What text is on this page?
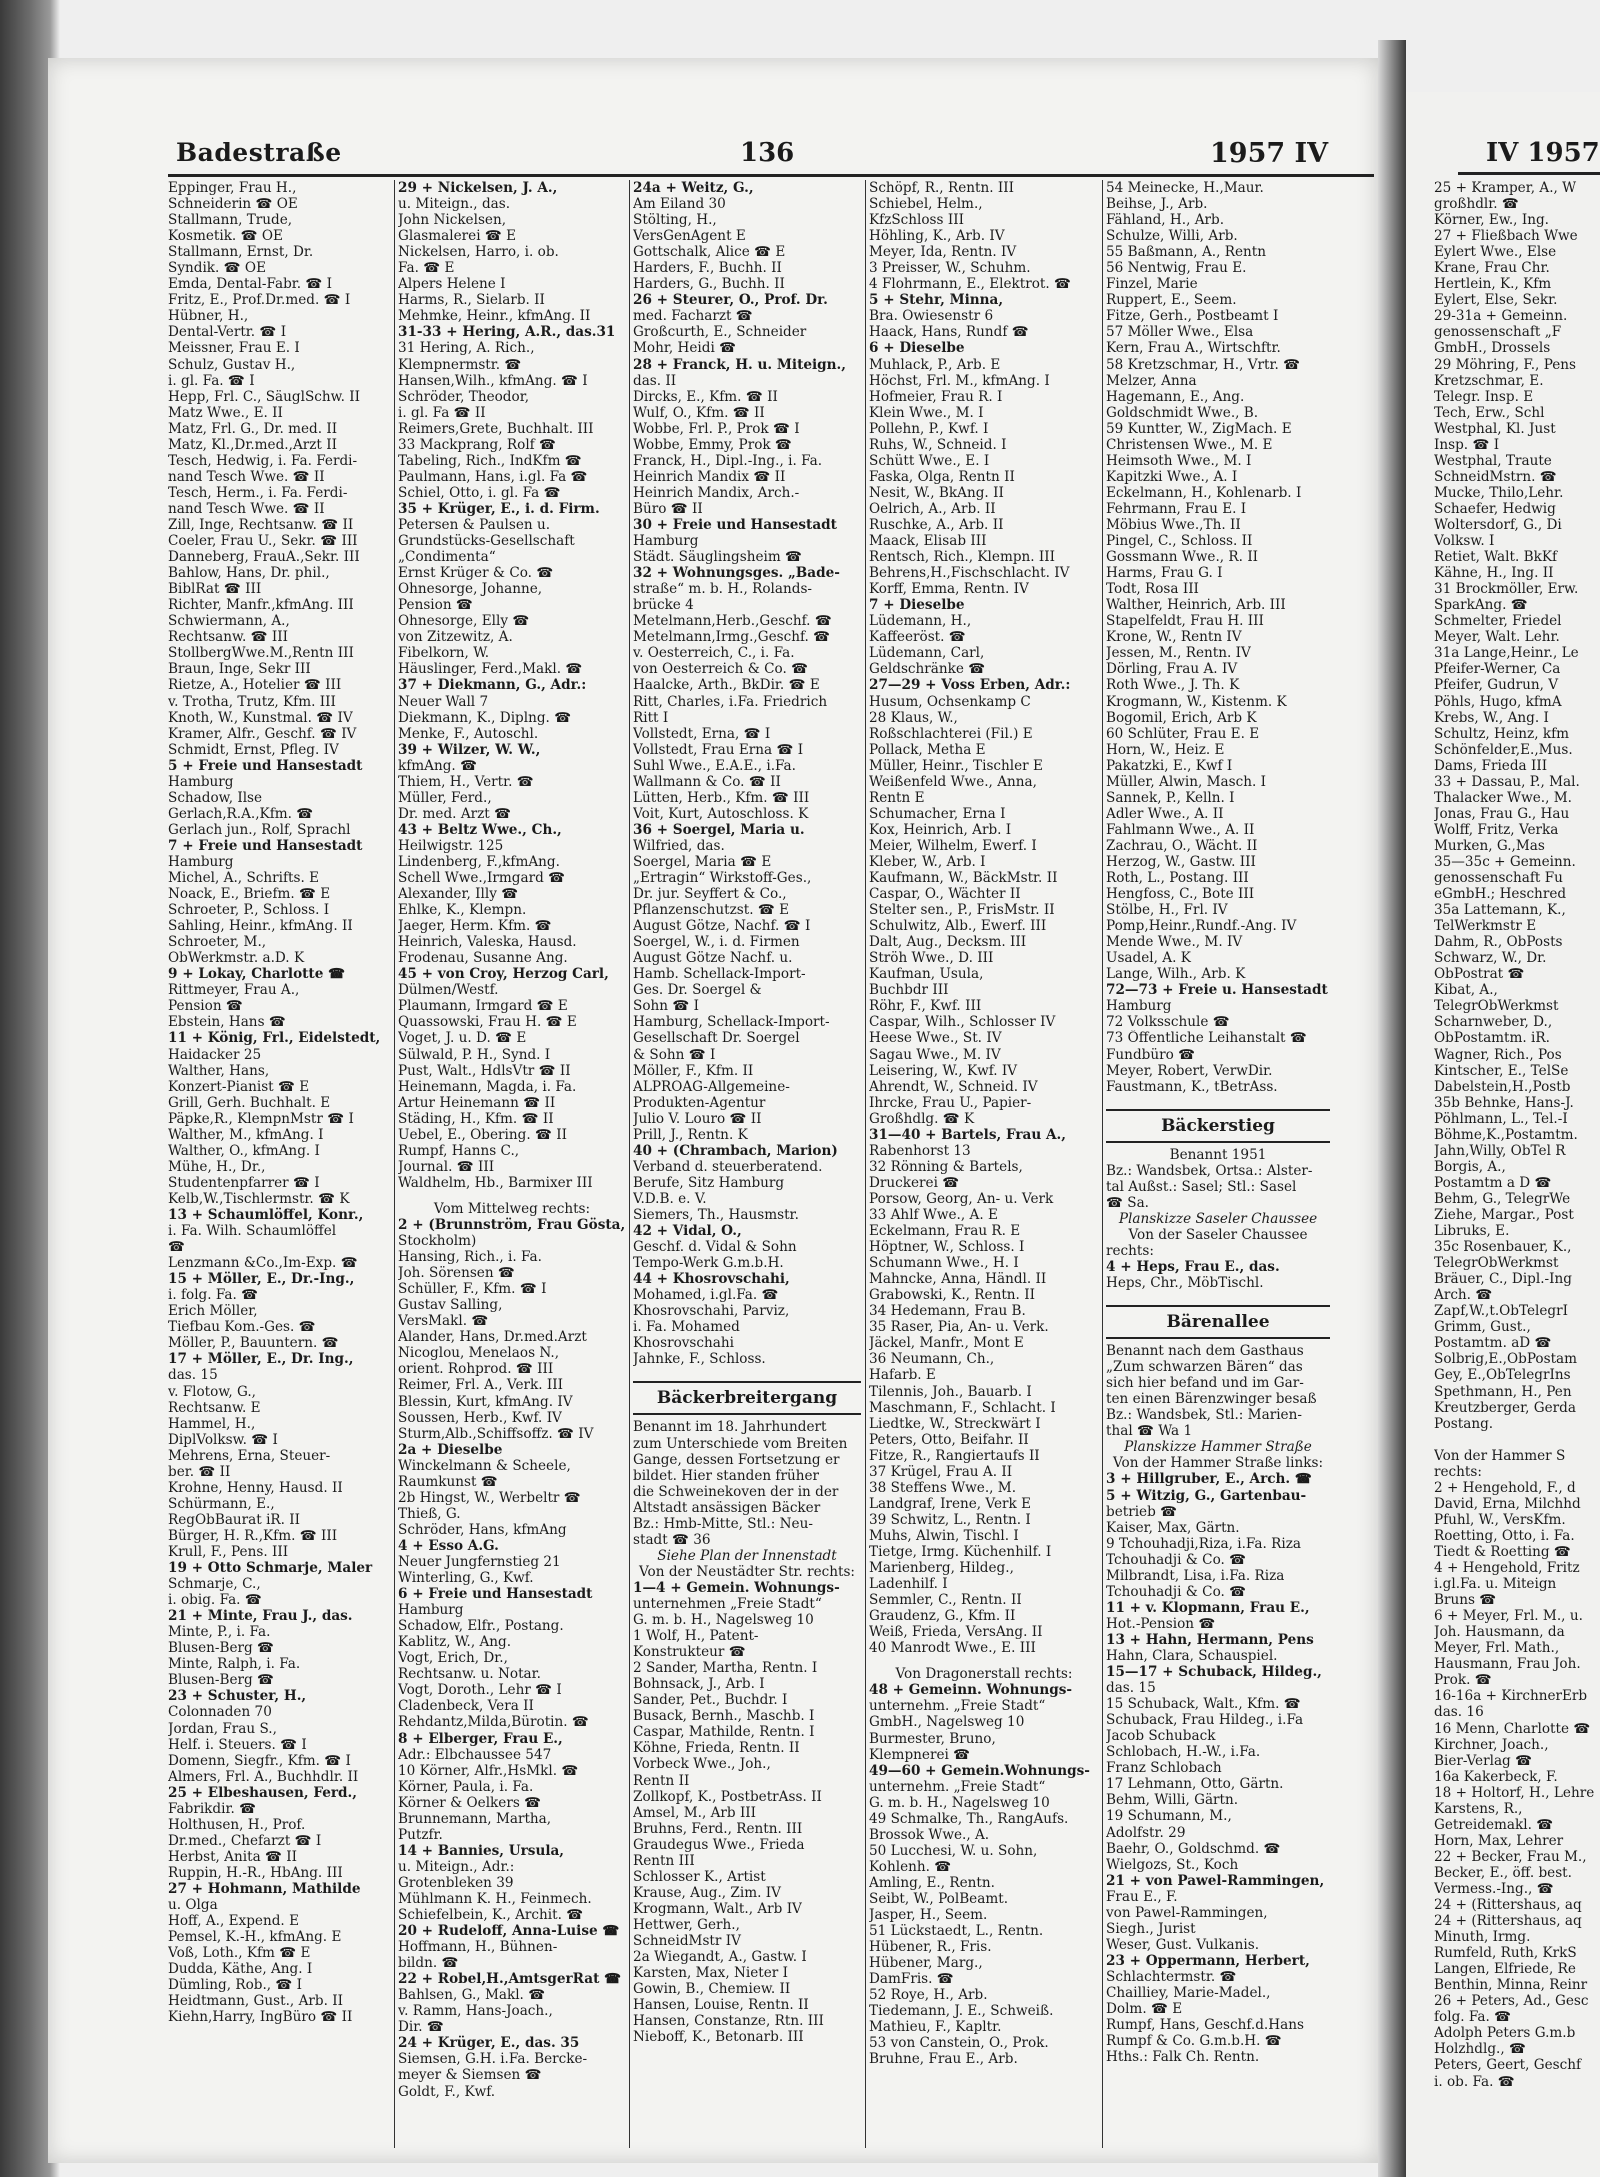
IV 1957
25 + Kramper, A., W
großhdlr. ☎
Körner, Ew., Ing.
27 + Fließbach Wwe
Eylert Wwe., Else
Krane, Frau Chr.
Hertlein, K., Kfm
Eylert, Else, Sekr.
29-31a + Gemeinn.
genossenschaft „F
GmbH., Drossels
29 Möhring, F., Pens
Kretzschmar, E.
Telegr. Insp. E
Tech, Erw., Schl
Westphal, Kl. Just
Insp. ☎ I
Westphal, Traute
SchneidMstrn. ☎
Mucke, Thilo,Lehr.
Schaefer, Hedwig
Woltersdorf, G., Di
Volksw. I
Retiet, Walt. BkKf
Kähne, H., Ing. II
31 Brockmöller, Erw.
SparkAng. ☎
Schmelter, Friedel
Meyer, Walt. Lehr.
31a Lange,Heinr., Le
Pfeifer-Werner, Ca
Pfeifer, Gudrun, V
Pöhls, Hugo, kfmA
Krebs, W., Ang. I
Schultz, Heinz, kfm
Schönfelder,E.,Mus.
Dams, Frieda III
33 + Dassau, P., Mal.
Thalacker Wwe., M.
Jonas, Frau G., Hau
Wolff, Fritz, Verka
Murken, G.,Mas
35—35c + Gemeinn.
genossenschaft Fu
eGmbH.; Heschred
35a Lattemann, K.,
TelWerkmstr E
Dahm, R., ObPosts
Schwarz, W., Dr.
ObPostrat ☎
Kibat, A.,
TelegrObWerkmst
Scharnweber, D.,
ObPostamtm. iR.
Wagner, Rich., Pos
Kintscher, E., TelSe
Dabelstein,H.,Postb
35b Behnke, Hans-J.
Pöhlmann, L., Tel.-I
Böhme,K.,Postamtm.
Jahn,Willy, ObTel R
Borgis, A.,
Postamtm a D ☎
Behm, G., TelegrWe
Ziehe, Margar., Post
Libruks, E.
35c Rosenbauer, K.,
TelegrObWerkmst
Bräuer, C., Dipl.-Ing
Arch. ☎
Zapf,W.,t.ObTelegrI
Grimm, Gust.,
Postamtm. aD ☎
Solbrig,E.,ObPostam
Gey, E.,ObTelegrIns
Spethmann, H., Pen
Kreutzberger, Gerda
Postang.
Von der Hammer S
rechts:
2 + Hengehold, F., d
David, Erna, Milchhd
Pfuhl, W., VersKfm.
Roetting, Otto, i. Fa.
Tiedt & Roetting ☎
4 + Hengehold, Fritz
i.gl.Fa. u. Miteign
Bruns ☎
6 + Meyer, Frl. M., u.
Joh. Hausmann, da
Meyer, Frl. Math.,
Hausmann, Frau Joh.
Prok. ☎
16-16a + KirchnerErb
das. 16
16 Menn, Charlotte ☎
Kirchner, Joach.,
Bier-Verlag ☎
16a Kakerbeck, F.
18 + Holtorf, H., Lehre
Karstens, R.,
Getreidemakl. ☎
Horn, Max, Lehrer
22 + Becker, Frau M.,
Becker, E., öff. best.
Vermess.-Ing., ☎
24 + (Rittershaus, aq
24 + (Rittershaus, aq
Minuth, Irmg.
Rumfeld, Ruth, KrkS
Langen, Elfriede, Re
Benthin, Minna, Reinr
26 + Peters, Ad., Gesc
folg. Fa. ☎
Adolph Peters G.m.b
Holzhdlg., ☎
Peters, Geert, Geschf
i. ob. Fa. ☎
Badestraße	136	1957 IV
Eppinger, Frau H.,
Schneiderin ☎ OE
Stallmann, Trude,
Kosmetik. ☎ OE
Stallmann, Ernst, Dr.
Syndik. ☎ OE
Emda, Dental-Fabr. ☎ I
Fritz, E., Prof.Dr.med. ☎ I
Hübner, H.,
Dental-Vertr. ☎ I
Meissner, Frau E. I
Schulz, Gustav H.,
i. gl. Fa. ☎ I
Hepp, Frl. C., SäuglSchw. II
Matz Wwe., E. II
Matz, Frl. G., Dr. med. II
Matz, Kl.,Dr.med.,Arzt II
Tesch, Hedwig, i. Fa. Ferdi-
nand Tesch Wwe. ☎ II
Tesch, Herm., i. Fa. Ferdi-
nand Tesch Wwe. ☎ II
Zill, Inge, Rechtsanw. ☎ II
Coeler, Frau U., Sekr. ☎ III
Danneberg, FrauA.,Sekr. III
Bahlow, Hans, Dr. phil.,
BiblRat ☎ III
Richter, Manfr.,kfmAng. III
Schwiermann, A.,
Rechtsanw. ☎ III
StollbergWwe.M.,Rentn III
Braun, Inge, Sekr III
Rietze, A., Hotelier ☎ III
v. Trotha, Trutz, Kfm. III
Knoth, W., Kunstmal. ☎ IV
Kramer, Alfr., Geschf. ☎ IV
Schmidt, Ernst, Pfleg. IV
5 + Freie und Hansestadt
Hamburg
Schadow, Ilse
Gerlach,R.A.,Kfm. ☎
Gerlach jun., Rolf, Sprachl
7 + Freie und Hansestadt
Hamburg
Michel, A., Schrifts. E
Noack, E., Briefm. ☎ E
Schroeter, P., Schloss. I
Sahling, Heinr., kfmAng. II
Schroeter, M.,
ObWerkmstr. a.D. K
9 + Lokay, Charlotte ☎
Rittmeyer, Frau A.,
Pension ☎
Ebstein, Hans ☎
11 + König, Frl., Eidelstedt,
Haidacker 25
Walther, Hans,
Konzert-Pianist ☎ E
Grill, Gerh. Buchhalt. E
Päpke,R., KlempnMstr ☎ I
Walther, M., kfmAng. I
Walther, O., kfmAng. I
Mühe, H., Dr.,
Studentenpfarrer ☎ I
Kelb,W.,Tischlermstr. ☎ K
13 + Schaumlöffel, Konr.,
i. Fa. Wilh. Schaumlöffel
☎
Lenzmann &Co.,Im-Exp. ☎
15 + Möller, E., Dr.-Ing.,
i. folg. Fa. ☎
Erich Möller,
Tiefbau Kom.-Ges. ☎
Möller, P., Bauuntern. ☎
17 + Möller, E., Dr. Ing.,
das. 15
v. Flotow, G.,
Rechtsanw. E
Hammel, H.,
DiplVolksw. ☎ I
Mehrens, Erna, Steuer-
ber. ☎ II
Krohne, Henny, Hausd. II
Schürmann, E.,
RegObBaurat iR. II
Bürger, H. R.,Kfm. ☎ III
Krull, F., Pens. III
19 + Otto Schmarje, Maler
Schmarje, C.,
i. obig. Fa. ☎
21 + Minte, Frau J., das.
Minte, P., i. Fa.
Blusen-Berg ☎
Minte, Ralph, i. Fa.
Blusen-Berg ☎
23 + Schuster, H.,
Colonnaden 70
Jordan, Frau S.,
Helf. i. Steuers. ☎ I
Domenn, Siegfr., Kfm. ☎ I
Almers, Frl. A., Buchhdlr. II
25 + Elbeshausen, Ferd.,
Fabrikdir. ☎
Holthusen, H., Prof.
Dr.med., Chefarzt ☎ I
Herbst, Anita ☎ II
Ruppin, H.-R., HbAng. III
27 + Hohmann, Mathilde
u. Olga
Hoff, A., Expend. E
Pemsel, K.-H., kfmAng. E
Voß, Loth., Kfm ☎ E
Dudda, Käthe, Ang. I
Dümling, Rob., ☎ I
Heidtmann, Gust., Arb. II
Kiehn,Harry, IngBüro ☎ II
29 + Nickelsen, J. A.,
u. Miteign., das.
John Nickelsen,
Glasmalerei ☎ E
Nickelsen, Harro, i. ob.
Fa. ☎ E
Alpers Helene I
Harms, R., Sielarb. II
Mehmke, Heinr., kfmAng. II
31-33 + Hering, A.R., das.31
31 Hering, A. Rich.,
Klempnermstr. ☎
Hansen,Wilh., kfmAng. ☎ I
Schröder, Theodor,
i. gl. Fa ☎ II
Reimers,Grete, Buchhalt. III
33 Mackprang, Rolf ☎
Tabeling, Rich., IndKfm ☎
Paulmann, Hans, i.gl. Fa ☎
Schiel, Otto, i. gl. Fa ☎
35 + Krüger, E., i. d. Firm.
Petersen & Paulsen u.
Grundstücks-Gesellschaft
„Condimenta“
Ernst Krüger & Co. ☎
Ohnesorge, Johanne,
Pension ☎
Ohnesorge, Elly ☎
von Zitzewitz, A.
Fibelkorn, W.
Häuslinger, Ferd.,Makl. ☎
37 + Diekmann, G., Adr.:
Neuer Wall 7
Diekmann, K., Diplng. ☎
Menke, F., Autoschl.
39 + Wilzer, W. W.,
kfmAng. ☎
Thiem, H., Vertr. ☎
Müller, Ferd.,
Dr. med. Arzt ☎
43 + Beltz Wwe., Ch.,
Heilwigstr. 125
Lindenberg, F.,kfmAng.
Schell Wwe.,Irmgard ☎
Alexander, Illy ☎
Ehlke, K., Klempn.
Jaeger, Herm. Kfm. ☎
Heinrich, Valeska, Hausd.
Frodenau, Susanne Ang.
45 + von Croy, Herzog Carl,
Dülmen/Westf.
Plaumann, Irmgard ☎ E
Quassowski, Frau H. ☎ E
Voget, J. u. D. ☎ E
Sülwald, P. H., Synd. I
Pust, Walt., HdlsVtr ☎ II
Heinemann, Magda, i. Fa.
Artur Heinemann ☎ II
Städing, H., Kfm. ☎ II
Uebel, E., Obering. ☎ II
Rumpf, Hanns C.,
Journal. ☎ III
Waldhelm, Hb., Barmixer III
Vom Mittelweg rechts:
2 + (Brunnström, Frau Gösta,
Stockholm)
Hansing, Rich., i. Fa.
Joh. Sörensen ☎
Schüller, F., Kfm. ☎ I
Gustav Salling,
VersMakl. ☎
Alander, Hans, Dr.med.Arzt
Nicoglou, Menelaos N.,
orient. Rohprod. ☎ III
Reimer, Frl. A., Verk. III
Blessin, Kurt, kfmAng. IV
Soussen, Herb., Kwf. IV
Sturm,Alb.,Schiffsoffz. ☎ IV
2a + Dieselbe
Winckelmann & Scheele,
Raumkunst ☎
2b Hingst, W., Werbeltr ☎
Thieß, G.
Schröder, Hans, kfmAng
4 + Esso A.G.
Neuer Jungfernstieg 21
Winterling, G., Kwf.
6 + Freie und Hansestadt
Hamburg
Schadow, Elfr., Postang.
Kablitz, W., Ang.
Vogt, Erich, Dr.,
Rechtsanw. u. Notar.
Vogt, Doroth., Lehr ☎ I
Cladenbeck, Vera II
Rehdantz,Milda,Bürotin. ☎
8 + Elberger, Frau E.,
Adr.: Elbchaussee 547
10 Körner, Alfr.,HsMkl. ☎
Körner, Paula, i. Fa.
Körner & Oelkers ☎
Brunnemann, Martha,
Putzfr.
14 + Bannies, Ursula,
u. Miteign., Adr.:
Grotenbleken 39
Mühlmann K. H., Feinmech.
Schiefelbein, K., Archit. ☎
20 + Rudeloff, Anna-Luise ☎
Hoffmann, H., Bühnen-
bildn. ☎
22 + Robel,H.,AmtsgerRat ☎
Bahlsen, G., Makl. ☎
v. Ramm, Hans-Joach.,
Dir. ☎
24 + Krüger, E., das. 35
Siemsen, G.H. i.Fa. Bercke-
meyer & Siemsen ☎
Goldt, F., Kwf.
24a + Weitz, G.,
Am Eiland 30
Stölting, H.,
VersGenAgent E
Gottschalk, Alice ☎ E
Harders, F., Buchh. II
Harders, G., Buchh. II
26 + Steurer, O., Prof. Dr.
med. Facharzt ☎
Großcurth, E., Schneider
Mohr, Heidi ☎
28 + Franck, H. u. Miteign.,
das. II
Dircks, E., Kfm. ☎ II
Wulf, O., Kfm. ☎ II
Wobbe, Frl. P., Prok ☎ I
Wobbe, Emmy, Prok ☎
Franck, H., Dipl.-Ing., i. Fa.
Heinrich Mandix ☎ II
Heinrich Mandix, Arch.-
Büro ☎ II
30 + Freie und Hansestadt
Hamburg
Städt. Säuglingsheim ☎
32 + Wohnungsges. „Bade-
straße“ m. b. H., Rolands-
brücke 4
Metelmann,Herb.,Geschf. ☎
Metelmann,Irmg.,Geschf. ☎
v. Oesterreich, C., i. Fa.
von Oesterreich & Co. ☎
Haalcke, Arth., BkDir. ☎ E
Ritt, Charles, i.Fa. Friedrich
Ritt I
Vollstedt, Erna, ☎ I
Vollstedt, Frau Erna ☎ I
Suhl Wwe., E.A.E., i.Fa.
Wallmann & Co. ☎ II
Lütten, Herb., Kfm. ☎ III
Voit, Kurt, Autoschloss. K
36 + Soergel, Maria u.
Wilfried, das.
Soergel, Maria ☎ E
„Ertragin“ Wirkstoff-Ges.,
Dr. jur. Seyffert & Co.,
Pflanzenschutzst. ☎ E
August Götze, Nachf. ☎ I
Soergel, W., i. d. Firmen
August Götze Nachf. u.
Hamb. Schellack-Import-
Ges. Dr. Soergel &
Sohn ☎ I
Hamburg, Schellack-Import-
Gesellschaft Dr. Soergel
& Sohn ☎ I
Möller, F., Kfm. II
ALPROAG-Allgemeine-
Produkten-Agentur
Julio V. Louro ☎ II
Prill, J., Rentn. K
40 + (Chrambach, Marion)
Verband d. steuerberatend.
Berufe, Sitz Hamburg
V.D.B. e. V.
Siemers, Th., Hausmstr.
42 + Vidal, O.,
Geschf. d. Vidal & Sohn
Tempo-Werk G.m.b.H.
44 + Khosrovschahi,
Mohamed, i.gl.Fa. ☎
Khosrovschahi, Parviz,
i. Fa. Mohamed
Khosrovschahi
Jahnke, F., Schloss.
Bäckerbreitergang
Benannt im 18. Jahrhundert
zum Unterschiede vom Breiten
Gange, dessen Fortsetzung er
bildet. Hier standen früher
die Schweinekoven der in der
Altstadt ansässigen Bäcker
Bz.: Hmb-Mitte, Stl.: Neu-
stadt ☎ 36
Siehe Plan der Innenstadt
Von der Neustädter Str. rechts:
1—4 + Gemein. Wohnungs-
unternehmen „Freie Stadt“
G. m. b. H., Nagelsweg 10
1 Wolf, H., Patent-
Konstrukteur ☎
2 Sander, Martha, Rentn. I
Bohnsack, J., Arb. I
Sander, Pet., Buchdr. I
Busack, Bernh., Maschb. I
Caspar, Mathilde, Rentn. I
Köhne, Frieda, Rentn. II
Vorbeck Wwe., Joh.,
Rentn II
Zollkopf, K., PostbetrAss. II
Amsel, M., Arb III
Bruhns, Ferd., Rentn. III
Graudegus Wwe., Frieda
Rentn III
Schlosser K., Artist
Krause, Aug., Zim. IV
Krogmann, Walt., Arb IV
Hettwer, Gerh.,
SchneidMstr IV
2a Wiegandt, A., Gastw. I
Karsten, Max, Nieter I
Gowin, B., Chemiew. II
Hansen, Louise, Rentn. II
Hansen, Constanze, Rtn. III
Nieboff, K., Betonarb. III
Schöpf, R., Rentn. III
Schiebel, Helm.,
KfzSchloss III
Höhling, K., Arb. IV
Meyer, Ida, Rentn. IV
3 Preisser, W., Schuhm.
4 Flohrmann, E., Elektrot. ☎
5 + Stehr, Minna,
Bra. Owiesenstr 6
Haack, Hans, Rundf ☎
6 + Dieselbe
Muhlack, P., Arb. E
Höchst, Frl. M., kfmAng. I
Hofmeier, Frau R. I
Klein Wwe., M. I
Pollehn, P., Kwf. I
Ruhs, W., Schneid. I
Schütt Wwe., E. I
Faska, Olga, Rentn II
Nesit, W., BkAng. II
Oelrich, A., Arb. II
Ruschke, A., Arb. II
Maack, Elisab III
Rentsch, Rich., Klempn. III
Behrens,H.,Fischschlacht. IV
Korff, Emma, Rentn. IV
7 + Dieselbe
Lüdemann, H.,
Kaffeeröst. ☎
Lüdemann, Carl,
Geldschränke ☎
27—29 + Voss Erben, Adr.:
Husum, Ochsenkamp C
28 Klaus, W.,
Roßschlachterei (Fil.) E
Pollack, Metha E
Müller, Heinr., Tischler E
Weißenfeld Wwe., Anna,
Rentn E
Schumacher, Erna I
Kox, Heinrich, Arb. I
Meier, Wilhelm, Ewerf. I
Kleber, W., Arb. I
Kaufmann, W., BäckMstr. II
Caspar, O., Wächter II
Stelter sen., P., FrisMstr. II
Schulwitz, Alb., Ewerf. III
Dalt, Aug., Decksm. III
Ströh Wwe., D. III
Kaufman, Usula,
Buchbdr III
Röhr, F., Kwf. III
Caspar, Wilh., Schlosser IV
Heese Wwe., St. IV
Sagau Wwe., M. IV
Leisering, W., Kwf. IV
Ahrendt, W., Schneid. IV
Ihrcke, Frau U., Papier-
Großhdlg. ☎ K
31—40 + Bartels, Frau A.,
Rabenhorst 13
32 Rönning & Bartels,
Druckerei ☎
Porsow, Georg, An- u. Verk
33 Ahlf Wwe., A. E
Eckelmann, Frau R. E
Höptner, W., Schloss. I
Schumann Wwe., H. I
Mahncke, Anna, Händl. II
Grabowski, K., Rentn. II
34 Hedemann, Frau B.
35 Raser, Pia, An- u. Verk.
Jäckel, Manfr., Mont E
36 Neumann, Ch.,
Hafarb. E
Tilennis, Joh., Bauarb. I
Maschmann, F., Schlacht. I
Liedtke, W., Streckwärt I
Peters, Otto, Beifahr. II
Fitze, R., Rangiertaufs II
37 Krügel, Frau A. II
38 Steffens Wwe., M.
Landgraf, Irene, Verk E
39 Schwitz, L., Rentn. I
Muhs, Alwin, Tischl. I
Tietge, Irmg. Küchenhilf. I
Marienberg, Hildeg.,
Ladenhilf. I
Semmler, C., Rentn. II
Graudenz, G., Kfm. II
Weiß, Frieda, VersAng. II
40 Manrodt Wwe., E. III
Von Dragonerstall rechts:
48 + Gemeinn. Wohnungs-
unternehm. „Freie Stadt“
GmbH., Nagelsweg 10
Burmester, Bruno,
Klempnerei ☎
49—60 + Gemein.Wohnungs-
unternehm. „Freie Stadt“
G. m. b. H., Nagelsweg 10
49 Schmalke, Th., RangAufs.
Brossok Wwe., A.
50 Lucchesi, W. u. Sohn,
Kohlenh. ☎
Amling, E., Rentn.
Seibt, W., PolBeamt.
Jasper, H., Seem.
51 Lückstaedt, L., Rentn.
Hübener, R., Fris.
Hübener, Marg.,
DamFris. ☎
52 Roye, H., Arb.
Tiedemann, J. E., Schweiß.
Mathieu, F., Kapltr.
53 von Canstein, O., Prok.
Bruhne, Frau E., Arb.
54 Meinecke, H.,Maur.
Beihse, J., Arb.
Fähland, H., Arb.
Schulze, Willi, Arb.
55 Baßmann, A., Rentn
56 Nentwig, Frau E.
Finzel, Marie
Ruppert, E., Seem.
Fitze, Gerh., Postbeamt I
57 Möller Wwe., Elsa
Kern, Frau A., Wirtschftr.
58 Kretzschmar, H., Vrtr. ☎
Melzer, Anna
Hagemann, E., Ang.
Goldschmidt Wwe., B.
59 Kuntter, W., ZigMach. E
Christensen Wwe., M. E
Heimsoth Wwe., M. I
Kapitzki Wwe., A. I
Eckelmann, H., Kohlenarb. I
Fehrmann, Frau E. I
Möbius Wwe.,Th. II
Pingel, C., Schloss. II
Gossmann Wwe., R. II
Harms, Frau G. I
Todt, Rosa III
Walther, Heinrich, Arb. III
Stapelfeldt, Frau H. III
Krone, W., Rentn IV
Jessen, M., Rentn. IV
Dörling, Frau A. IV
Roth Wwe., J. Th. K
Krogmann, W., Kistenm. K
Bogomil, Erich, Arb K
60 Schlüter, Frau E. E
Horn, W., Heiz. E
Pakatzki, E., Kwf I
Müller, Alwin, Masch. I
Sannek, P., Kelln. I
Adler Wwe., A. II
Fahlmann Wwe., A. II
Zachrau, O., Wächt. II
Herzog, W., Gastw. III
Roth, L., Postang. III
Hengfoss, C., Bote III
Stölbe, H., Frl. IV
Pomp,Heinr.,Rundf.-Ang. IV
Mende Wwe., M. IV
Usadel, A. K
Lange, Wilh., Arb. K
72—73 + Freie u. Hansestadt
Hamburg
72 Volksschule ☎
73 Öffentliche Leihanstalt ☎
Fundbüro ☎
Meyer, Robert, VerwDir.
Faustmann, K., tBetrAss.
Bäckerstieg
Benannt 1951
Bz.: Wandsbek, Ortsa.: Alster-
tal Außst.: Sasel; Stl.: Sasel
☎ Sa.
Planskizze Saseler Chaussee
Von der Saseler Chaussee
rechts:
4 + Heps, Frau E., das.
Heps, Chr., MöbTischl.
Bärenallee
Benannt nach dem Gasthaus
„Zum schwarzen Bären“ das
sich hier befand und im Gar-
ten einen Bärenzwinger besaß
Bz.: Wandsbek, Stl.: Marien-
thal ☎ Wa 1
Planskizze Hammer Straße
Von der Hammer Straße links:
3 + Hillgruber, E., Arch. ☎
5 + Witzig, G., Gartenbau-
betrieb ☎
Kaiser, Max, Gärtn.
9 Tchouhadji,Riza, i.Fa. Riza
Tchouhadji & Co. ☎
Milbrandt, Lisa, i.Fa. Riza
Tchouhadji & Co. ☎
11 + v. Klopmann, Frau E.,
Hot.-Pension ☎
13 + Hahn, Hermann, Pens
Hahn, Clara, Schauspiel.
15—17 + Schuback, Hildeg.,
das. 15
15 Schuback, Walt., Kfm. ☎
Schuback, Frau Hildeg., i.Fa
Jacob Schuback
Schlobach, H.-W., i.Fa.
Franz Schlobach
17 Lehmann, Otto, Gärtn.
Behm, Willi, Gärtn.
19 Schumann, M.,
Adolfstr. 29
Baehr, O., Goldschmd. ☎
Wielgozs, St., Koch
21 + von Pawel-Rammingen,
Frau E., F.
von Pawel-Rammingen,
Siegh., Jurist
Weser, Gust. Vulkanis.
23 + Oppermann, Herbert,
Schlachtermstr. ☎
Chailliey, Marie-Madel.,
Dolm. ☎ E
Rumpf, Hans, Geschf.d.Hans
Rumpf & Co. G.m.b.H. ☎
Hths.: Falk Ch. Rentn.
